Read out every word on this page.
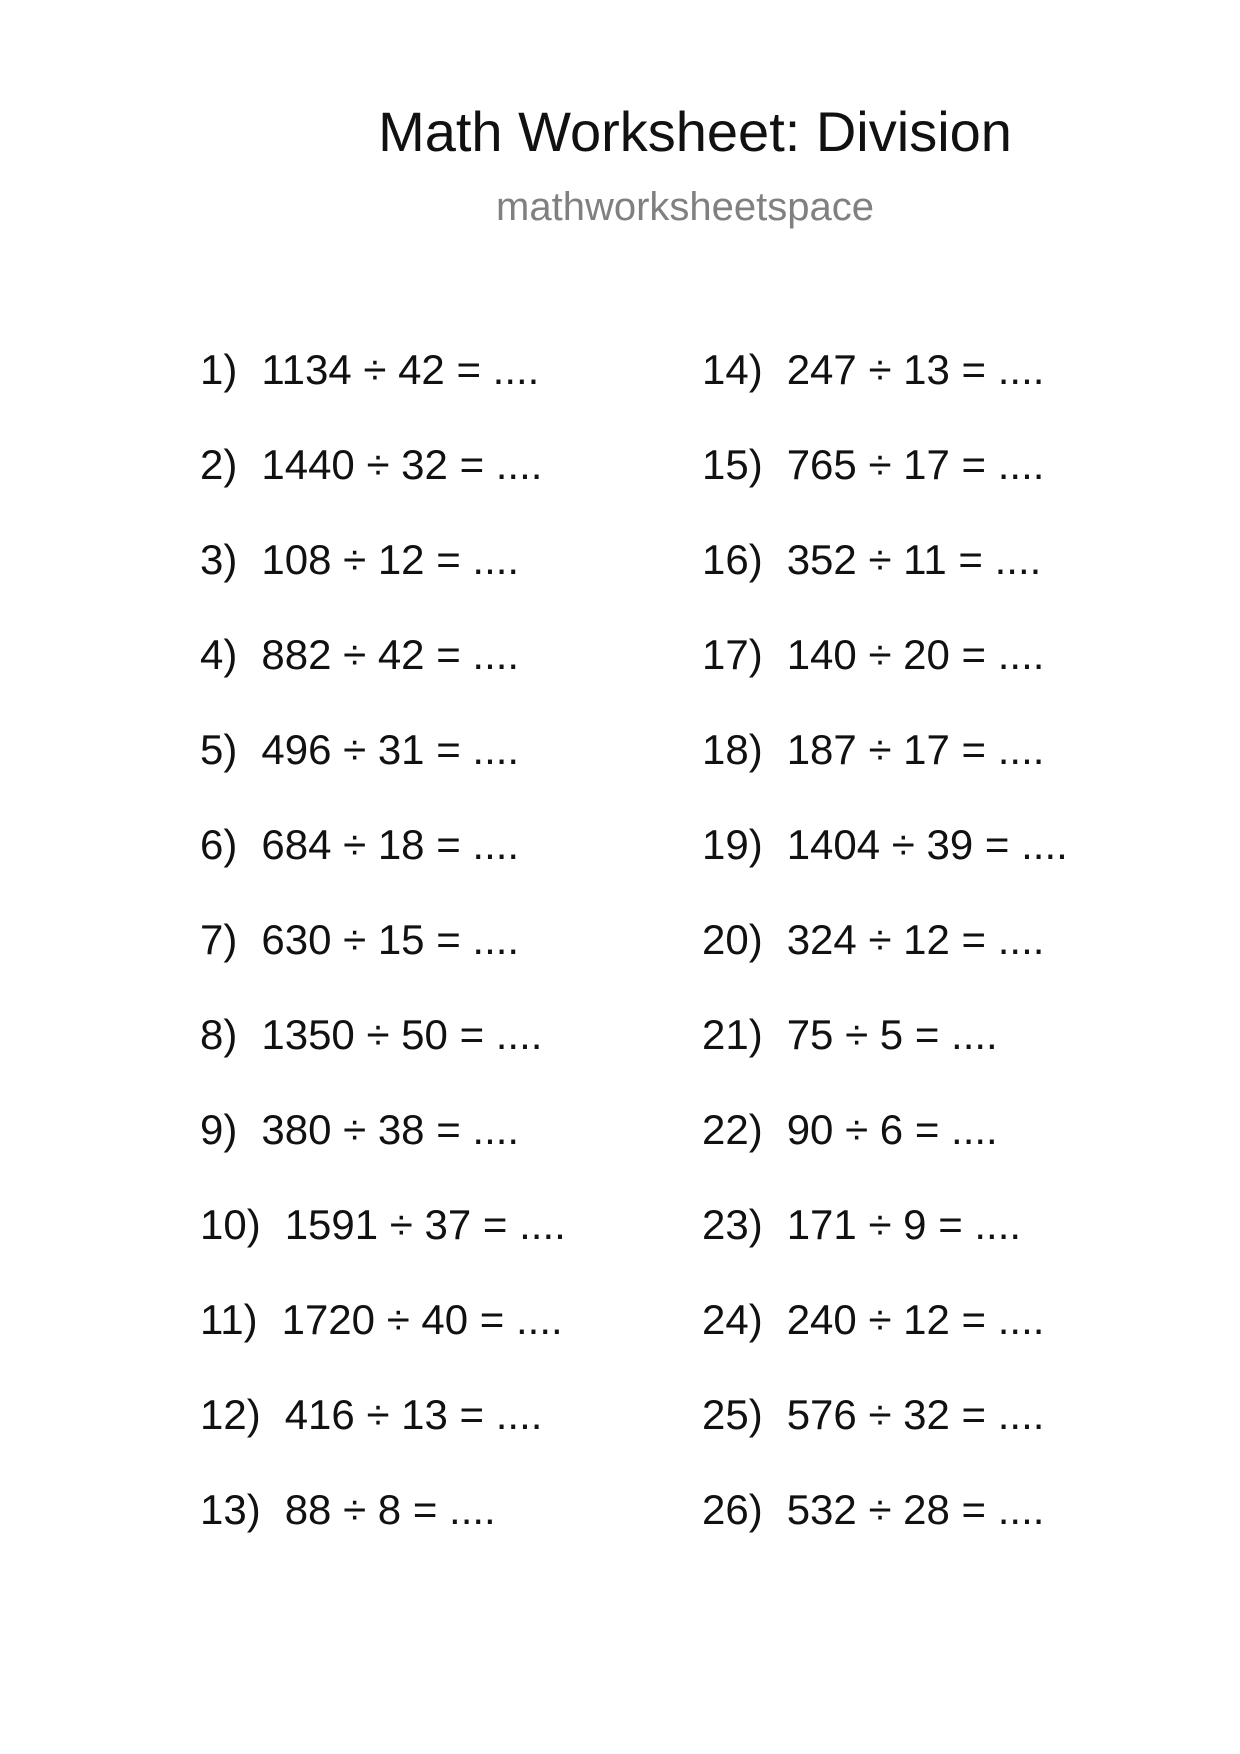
Math Worksheet: Division
mathworksheetspace
1) 1134 ÷ 42 = ....
2) 1440 ÷ 32 = ....
3) 108 ÷ 12 = ....
4) 882 ÷ 42 = ....
5) 496 ÷ 31 = ....
6) 684 ÷ 18 = ....
7) 630 ÷ 15 = ....
8) 1350 ÷ 50 = ....
9) 380 ÷ 38 = ....
10) 1591 ÷ 37 = ....
11) 1720 ÷ 40 = ....
12) 416 ÷ 13 = ....
13) 88 ÷ 8 = ....
14) 247 ÷ 13 = ....
15) 765 ÷ 17 = ....
16) 352 ÷ 11 = ....
17) 140 ÷ 20 = ....
18) 187 ÷ 17 = ....
19) 1404 ÷ 39 = ....
20) 324 ÷ 12 = ....
21) 75 ÷ 5 = ....
22) 90 ÷ 6 = ....
23) 171 ÷ 9 = ....
24) 240 ÷ 12 = ....
25) 576 ÷ 32 = ....
26) 532 ÷ 28 = ....
